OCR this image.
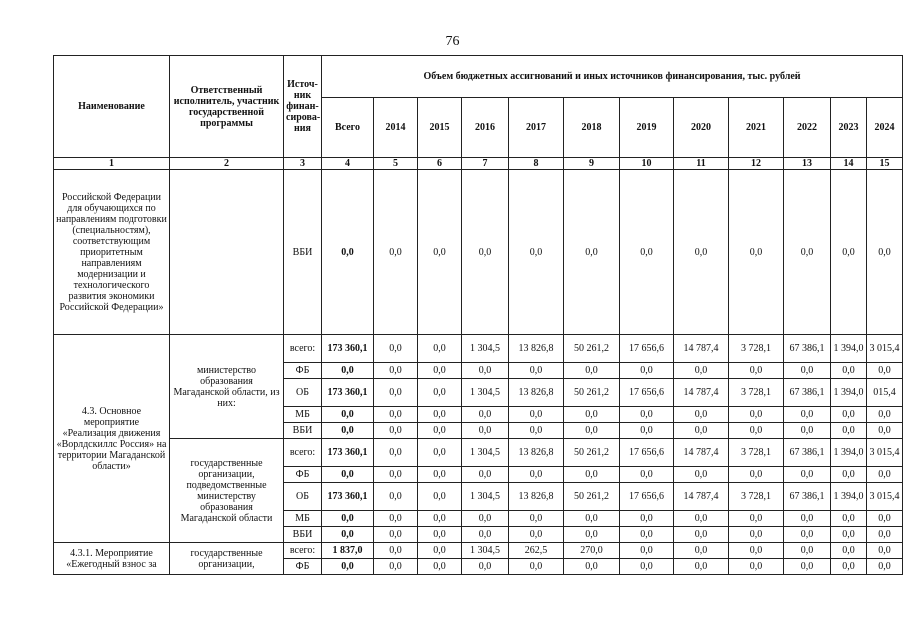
76
Наименование	Ответственный исполнитель, участник государственной программы	Источ-ник финан-сирова-ния	Объем бюджетных ассигнований и иных источников финансирования, тыс. рублей											
			Всего	2014	2015	2016	2017	2018	2019	2020	2021	2022	2023	2024
1	2	3	4	5	6	7	8	9	10	11	12	13	14	15
Российской Федерации для обучающихся по направлениям подготовки (специальностям), соответствующим приоритетным направлениям модернизации и технологического развития экономики Российской Федерации»		ВБИ	0,0	0,0	0,0	0,0	0,0	0,0	0,0	0,0	0,0	0,0	0,0	0,0
4.3. Основное мероприятие «Реализация движения «Ворлдскиллс Россия» на территории Магаданской области»	министерство образования Магаданской области, из них:	всего:	173 360,1	0,0	0,0	1 304,5	13 826,8	50 261,2	17 656,6	14 787,4	3 728,1	67 386,1	1 394,0	3 015,4
		ФБ	0,0	0,0	0,0	0,0	0,0	0,0	0,0	0,0	0,0	0,0	0,0	0,0
		ОБ	173 360,1	0,0	0,0	1 304,5	13 826,8	50 261,2	17 656,6	14 787,4	3 728,1	67 386,1	1 394,0	015,4
		МБ	0,0	0,0	0,0	0,0	0,0	0,0	0,0	0,0	0,0	0,0	0,0	0,0
		ВБИ	0,0	0,0	0,0	0,0	0,0	0,0	0,0	0,0	0,0	0,0	0,0	0,0
	государственные организации, подведомственные министерству образования Магаданской области	всего:	173 360,1	0,0	0,0	1 304,5	13 826,8	50 261,2	17 656,6	14 787,4	3 728,1	67 386,1	1 394,0	3 015,4
		ФБ	0,0	0,0	0,0	0,0	0,0	0,0	0,0	0,0	0,0	0,0	0,0	0,0
		ОБ	173 360,1	0,0	0,0	1 304,5	13 826,8	50 261,2	17 656,6	14 787,4	3 728,1	67 386,1	1 394,0	3 015,4
		МБ	0,0	0,0	0,0	0,0	0,0	0,0	0,0	0,0	0,0	0,0	0,0	0,0
		ВБИ	0,0	0,0	0,0	0,0	0,0	0,0	0,0	0,0	0,0	0,0	0,0	0,0
4.3.1. Мероприятие «Ежегодный взнос за	государственные организации,	всего:	1 837,0	0,0	0,0	1 304,5	262,5	270,0	0,0	0,0	0,0	0,0	0,0	0,0
		ФБ	0,0	0,0	0,0	0,0	0,0	0,0	0,0	0,0	0,0	0,0	0,0	0,0
